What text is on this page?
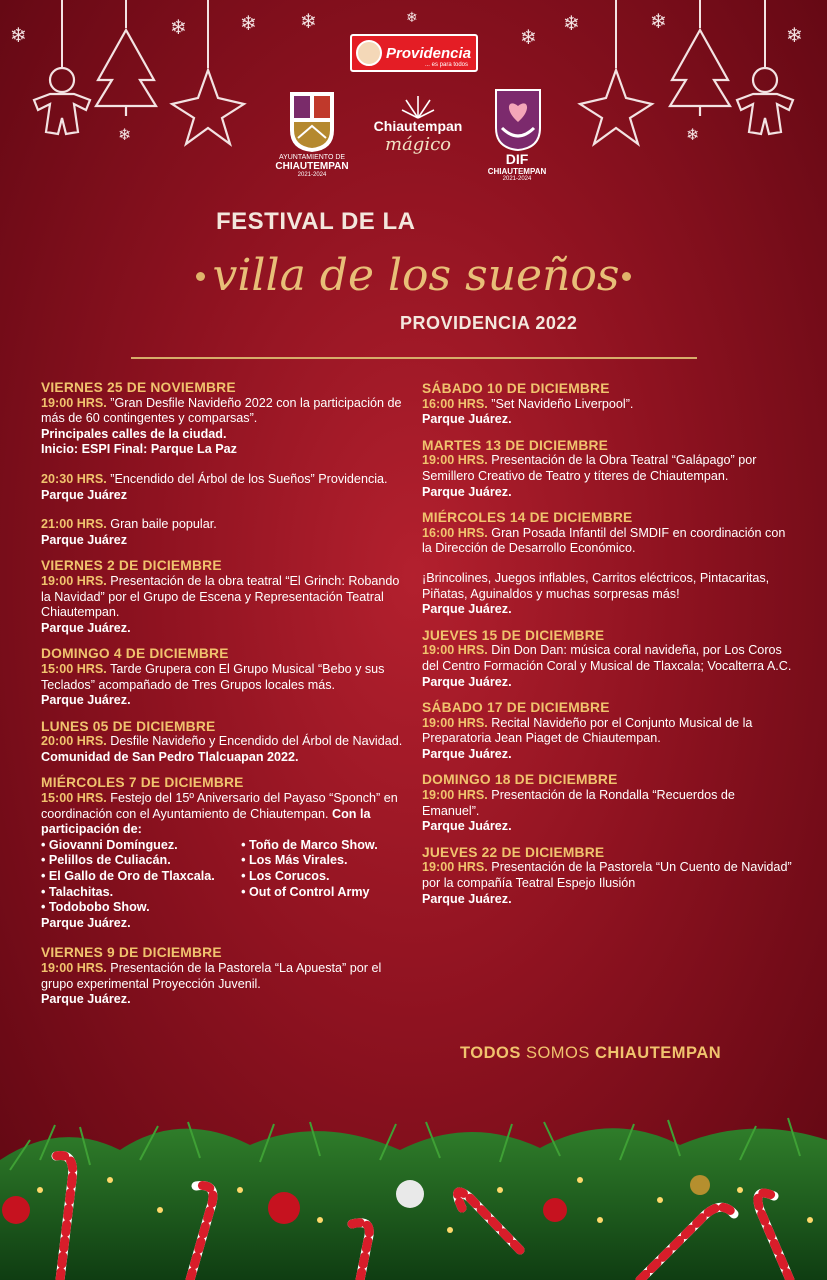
❄	❄	❄ ❄
❄
❄
❄	❄
❄
❄
❄
Providencia
... es para todos
AYUNTAMIENTO DE
CHIAUTEMPAN
2021-2024
Chiautempan
mágico
DIF
CHIAUTEMPAN
2021-2024
FESTIVAL DE LA
villa de los sueños
PROVIDENCIA 2022
VIERNES 25 DE NOVIEMBRE
19:00 HRS. ”Gran Desfile Navideño 2022 con la participación de más de 60 contingentes y comparsas”.
Principales calles de la ciudad.
Inicio: ESPI Final: Parque La Paz
20:30 HRS. ”Encendido del Árbol de los Sueños” Providencia.
Parque Juárez
21:00 HRS. Gran baile popular.
Parque Juárez
VIERNES 2 DE DICIEMBRE
19:00 HRS. Presentación de la obra teatral “El Grinch: Robando la Navidad” por el Grupo de Escena y Representación Teatral Chiautempan.
Parque Juárez.
DOMINGO 4 DE DICIEMBRE
15:00 HRS. Tarde Grupera con El Grupo Musical “Bebo y sus Teclados” acompañado de Tres Grupos locales más.
Parque Juárez.
LUNES 05 DE DICIEMBRE
20:00 HRS. Desfile Navideño y Encendido del Árbol de Navidad. Comunidad de San Pedro Tlalcuapan 2022.
MIÉRCOLES 7 DE DICIEMBRE
15:00 HRS. Festejo del 15º Aniversario del Payaso “Sponch” en coordinación con el Ayuntamiento de Chiautempan. Con la participación de:
• Giovanni Domínguez.
• Pelillos de Culiacán.
• El Gallo de Oro de Tlaxcala.
• Talachitas.
• Todobobo Show.
• Toño de Marco Show.
• Los Más Virales.
• Los Corucos.
• Out of Control Army
Parque Juárez.
VIERNES 9 DE DICIEMBRE
19:00 HRS. Presentación de la Pastorela “La Apuesta” por el grupo experimental Proyección Juvenil.
Parque Juárez.
SÁBADO 10 DE DICIEMBRE
16:00 HRS. ”Set Navideño Liverpool”.
Parque Juárez.
MARTES 13 DE DICIEMBRE
19:00 HRS. Presentación de la Obra Teatral “Galápago” por Semillero Creativo de Teatro y títeres de Chiautempan.
Parque Juárez.
MIÉRCOLES 14 DE DICIEMBRE
16:00 HRS. Gran Posada Infantil del SMDIF en coordinación con la Dirección de Desarrollo Económico.
¡Brincolines, Juegos inflables, Carritos eléctricos, Pintacaritas, Piñatas, Aguinaldos y muchas sorpresas más!
Parque Juárez.
JUEVES 15 DE DICIEMBRE
19:00 HRS. Din Don Dan: música coral navideña, por Los Coros del Centro Formación Coral y Musical de Tlaxcala; Vocalterra A.C.
Parque Juárez.
SÁBADO 17 DE DICIEMBRE
19:00 HRS. Recital Navideño por el Conjunto Musical de la Preparatoria Jean Piaget de Chiautempan.
Parque Juárez.
DOMINGO 18 DE DICIEMBRE
19:00 HRS. Presentación de la Rondalla “Recuerdos de Emanuel”.
Parque Juárez.
JUEVES 22 DE DICIEMBRE
19:00 HRS. Presentación de la Pastorela “Un Cuento de Navidad” por la compañía Teatral Espejo Ilusión
Parque Juárez.
TODOS SOMOS CHIAUTEMPAN
